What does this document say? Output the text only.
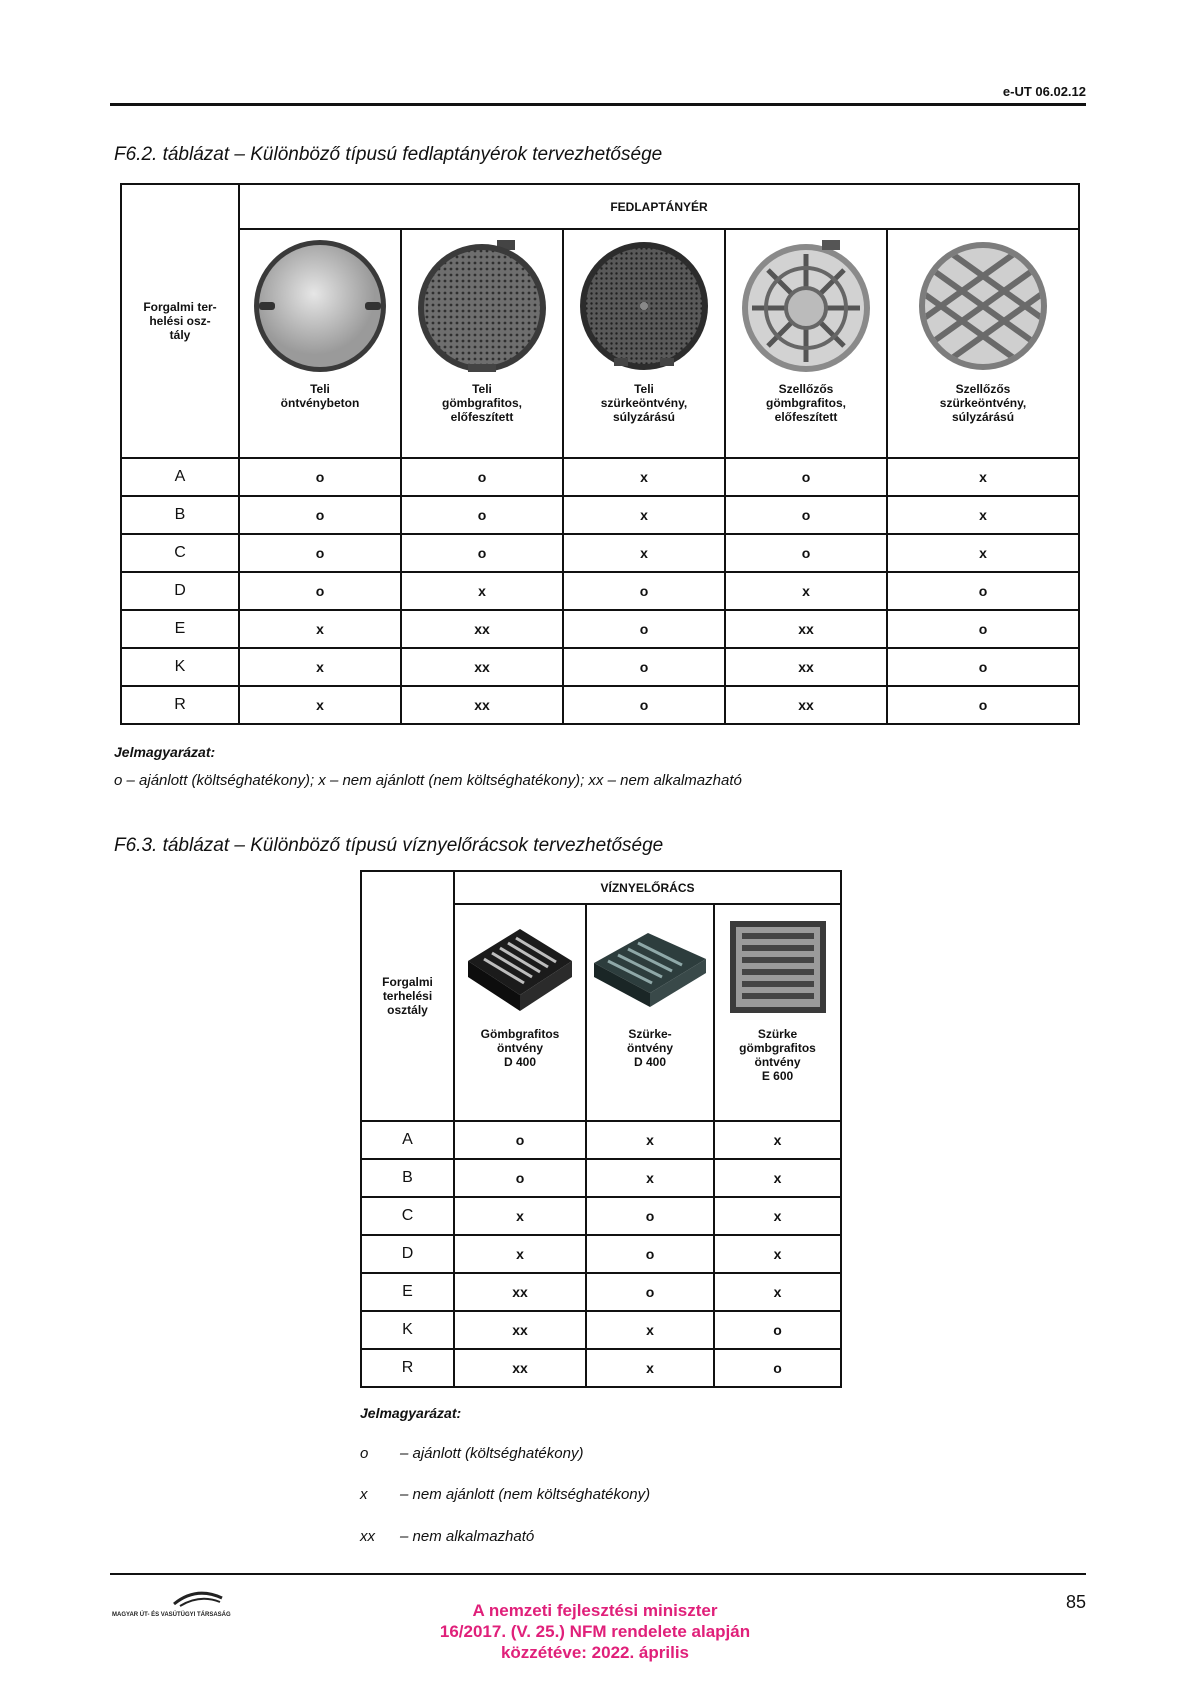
e-UT 06.02.12
F6.2. táblázat – Különböző típusú fedlaptányérok tervezhetősége
Forgalmi ter-
helési osz-
tály	FEDLAPTÁNYÉR				

	Teli
öntvénybeton	Teli
gömbgrafitos,
előfeszített	Teli
szürkeöntvény,
súlyzárású	Szellőzős
gömbgrafitos,
előfeszített	Szellőzős
szürkeöntvény,
súlyzárású

A	o	o	x	o	x
B	o	o	x	o	x
C	o	o	x	o	x
D	o	x	o	x	o
E	x	xx	o	xx	o
K	x	xx	o	xx	o
R	x	xx	o	xx	o
Jelmagyarázat:
o – ajánlott (költséghatékony); x – nem ajánlott (nem költséghatékony); xx – nem alkalmazható
F6.3. táblázat – Különböző típusú víznyelőrácsok tervezhetősége
Forgalmi
terhelési
osztály	VÍZNYELŐRÁCS		

	Gömbgrafitos
öntvény
D 400	Szürke-
öntvény
D 400	Szürke
gömbgrafitos
öntvény
E 600

A	o	x	x
B	o	x	x
C	x	o	x
D	x	o	x
E	xx	o	x
K	xx	x	o
R	xx	x	o
Jelmagyarázat:
o – ajánlott (költséghatékony)
x – nem ajánlott (nem költséghatékony)
xx – nem alkalmazható
MAGYAR ÚT- ÉS VASÚTÜGYI TÁRSASÁG	A nemzeti fejlesztési miniszter
16/2017. (V. 25.) NFM rendelete alapján
közzétéve: 2022. április
85
